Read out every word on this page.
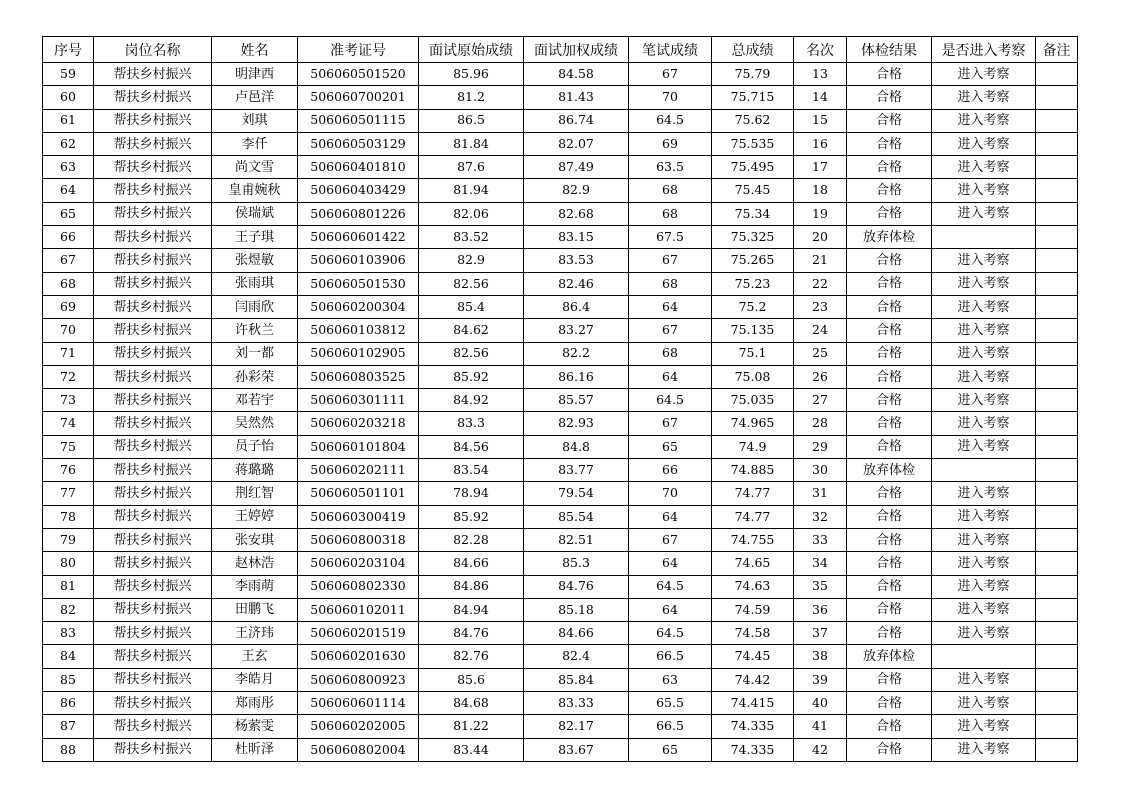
序号	岗位名称	姓名	准考证号	面试原始成绩	面试加权成绩	笔试成绩	总成绩	名次	体检结果	是否进入考察	备注
59	帮扶乡村振兴	明津西	506060501520	85.96	84.58	67	75.79	13	合格	进入考察	
60	帮扶乡村振兴	卢邑洋	506060700201	81.2	81.43	70	75.715	14	合格	进入考察	
61	帮扶乡村振兴	刘琪	506060501115	86.5	86.74	64.5	75.62	15	合格	进入考察	
62	帮扶乡村振兴	李仟	506060503129	81.84	82.07	69	75.535	16	合格	进入考察	
63	帮扶乡村振兴	尚文雪	506060401810	87.6	87.49	63.5	75.495	17	合格	进入考察	
64	帮扶乡村振兴	皇甫婉秋	506060403429	81.94	82.9	68	75.45	18	合格	进入考察	
65	帮扶乡村振兴	侯瑞斌	506060801226	82.06	82.68	68	75.34	19	合格	进入考察	
66	帮扶乡村振兴	王子琪	506060601422	83.52	83.15	67.5	75.325	20	放弃体检		
67	帮扶乡村振兴	张煜敏	506060103906	82.9	83.53	67	75.265	21	合格	进入考察	
68	帮扶乡村振兴	张雨琪	506060501530	82.56	82.46	68	75.23	22	合格	进入考察	
69	帮扶乡村振兴	闫雨欣	506060200304	85.4	86.4	64	75.2	23	合格	进入考察	
70	帮扶乡村振兴	许秋兰	506060103812	84.62	83.27	67	75.135	24	合格	进入考察	
71	帮扶乡村振兴	刘一都	506060102905	82.56	82.2	68	75.1	25	合格	进入考察	
72	帮扶乡村振兴	孙彩荣	506060803525	85.92	86.16	64	75.08	26	合格	进入考察	
73	帮扶乡村振兴	邓若宇	506060301111	84.92	85.57	64.5	75.035	27	合格	进入考察	
74	帮扶乡村振兴	吴然然	506060203218	83.3	82.93	67	74.965	28	合格	进入考察	
75	帮扶乡村振兴	员子怡	506060101804	84.56	84.8	65	74.9	29	合格	进入考察	
76	帮扶乡村振兴	蒋璐璐	506060202111	83.54	83.77	66	74.885	30	放弃体检		
77	帮扶乡村振兴	荆红智	506060501101	78.94	79.54	70	74.77	31	合格	进入考察	
78	帮扶乡村振兴	王婷婷	506060300419	85.92	85.54	64	74.77	32	合格	进入考察	
79	帮扶乡村振兴	张安琪	506060800318	82.28	82.51	67	74.755	33	合格	进入考察	
80	帮扶乡村振兴	赵林浩	506060203104	84.66	85.3	64	74.65	34	合格	进入考察	
81	帮扶乡村振兴	李雨萌	506060802330	84.86	84.76	64.5	74.63	35	合格	进入考察	
82	帮扶乡村振兴	田鹏飞	506060102011	84.94	85.18	64	74.59	36	合格	进入考察	
83	帮扶乡村振兴	王济玮	506060201519	84.76	84.66	64.5	74.58	37	合格	进入考察	
84	帮扶乡村振兴	王玄	506060201630	82.76	82.4	66.5	74.45	38	放弃体检		
85	帮扶乡村振兴	李皓月	506060800923	85.6	85.84	63	74.42	39	合格	进入考察	
86	帮扶乡村振兴	郑雨彤	506060601114	84.68	83.33	65.5	74.415	40	合格	进入考察	
87	帮扶乡村振兴	杨萦雯	506060202005	81.22	82.17	66.5	74.335	41	合格	进入考察	
88	帮扶乡村振兴	杜昕泽	506060802004	83.44	83.67	65	74.335	42	合格	进入考察	
